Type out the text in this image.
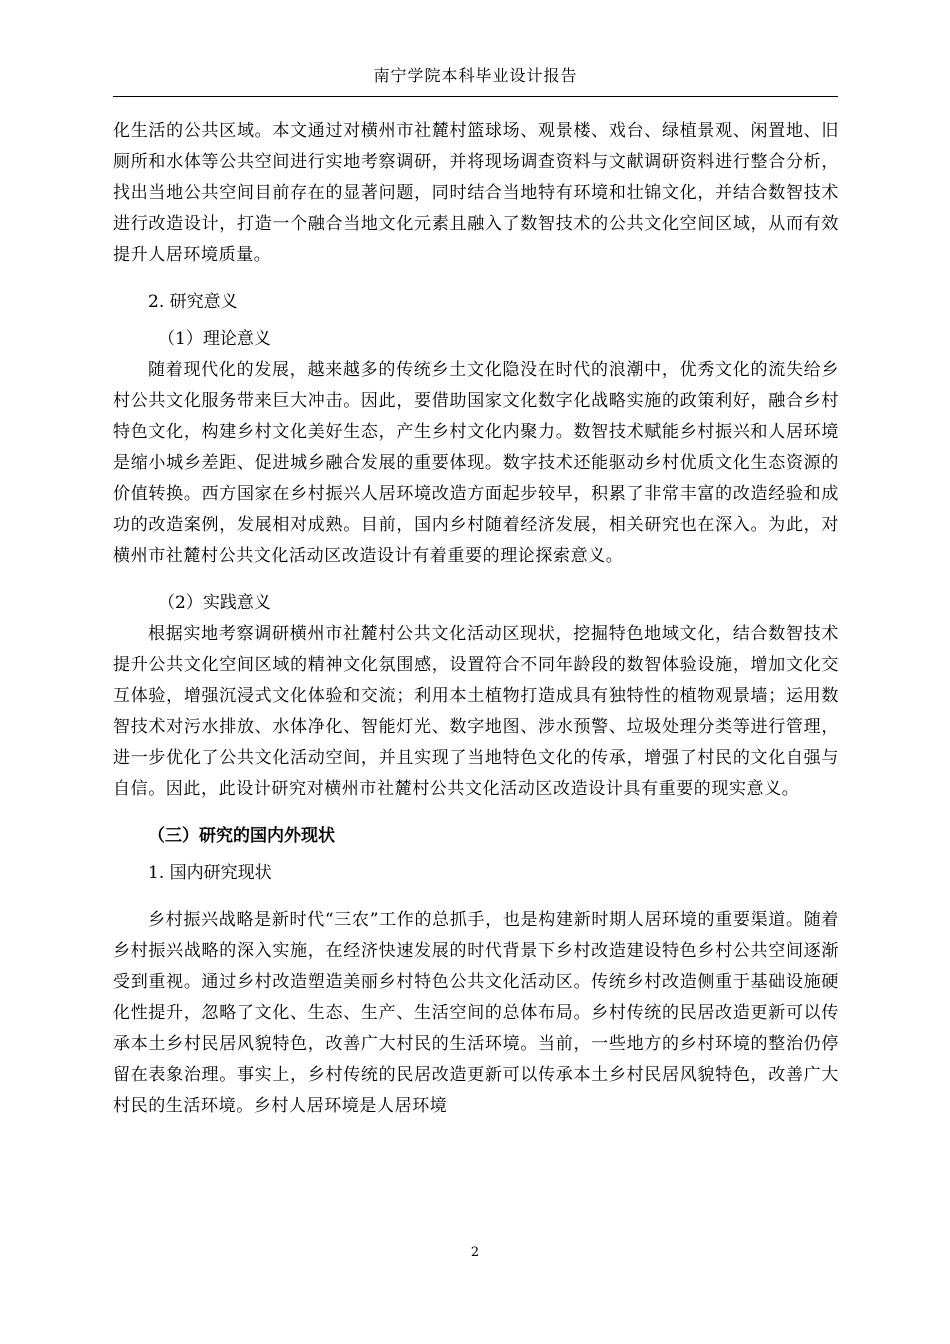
南宁学院本科毕业设计报告

化生活的公共区域。本文通过对横州市社麓村篮球场、观景楼、戏台、绿植景观、闲置地、旧厕所和水体等公共空间进行实地考察调研，并将现场调查资料与文献调研资料进行整合分析，找出当地公共空间目前存在的显著问题，同时结合当地特有环境和壮锦文化，并结合数智技术进行改造设计，打造一个融合当地文化元素且融入了数智技术的公共文化空间区域，从而有效提升人居环境质量。

2. 研究意义

（1）理论意义

随着现代化的发展，越来越多的传统乡土文化隐没在时代的浪潮中，优秀文化的流失给乡村公共文化服务带来巨大冲击。因此，要借助国家文化数字化战略实施的政策利好，融合乡村特色文化，构建乡村文化美好生态，产生乡村文化内聚力。数智技术赋能乡村振兴和人居环境是缩小城乡差距、促进城乡融合发展的重要体现。数字技术还能驱动乡村优质文化生态资源的价值转换。西方国家在乡村振兴人居环境改造方面起步较早，积累了非常丰富的改造经验和成功的改造案例，发展相对成熟。目前，国内乡村随着经济发展，相关研究也在深入。为此，对横州市社麓村公共文化活动区改造设计有着重要的理论探索意义。

（2）实践意义

根据实地考察调研横州市社麓村公共文化活动区现状，挖掘特色地域文化，结合数智技术提升公共文化空间区域的精神文化氛围感，设置符合不同年龄段的数智体验设施，增加文化交互体验，增强沉浸式文化体验和交流；利用本土植物打造成具有独特性的植物观景墙；运用数智技术对污水排放、水体净化、智能灯光、数字地图、涉水预警、垃圾处理分类等进行管理，进一步优化了公共文化活动空间，并且实现了当地特色文化的传承，增强了村民的文化自强与自信。因此，此设计研究对横州市社麓村公共文化活动区改造设计具有重要的现实意义。

（三）研究的国内外现状

1. 国内研究现状

乡村振兴战略是新时代“三农”工作的总抓手，也是构建新时期人居环境的重要渠道。随着乡村振兴战略的深入实施，在经济快速发展的时代背景下乡村改造建设特色乡村公共空间逐渐受到重视。通过乡村改造塑造美丽乡村特色公共文化活动区。传统乡村改造侧重于基础设施硬化性提升，忽略了文化、生态、生产、生活空间的总体布局。乡村传统的民居改造更新可以传承本土乡村民居风貌特色，改善广大村民的生活环境。当前，一些地方的乡村环境的整治仍停留在表象治理。事实上，乡村传统的民居改造更新可以传承本土乡村民居风貌特色，改善广大村民的生活环境。乡村人居环境是人居环境

2
